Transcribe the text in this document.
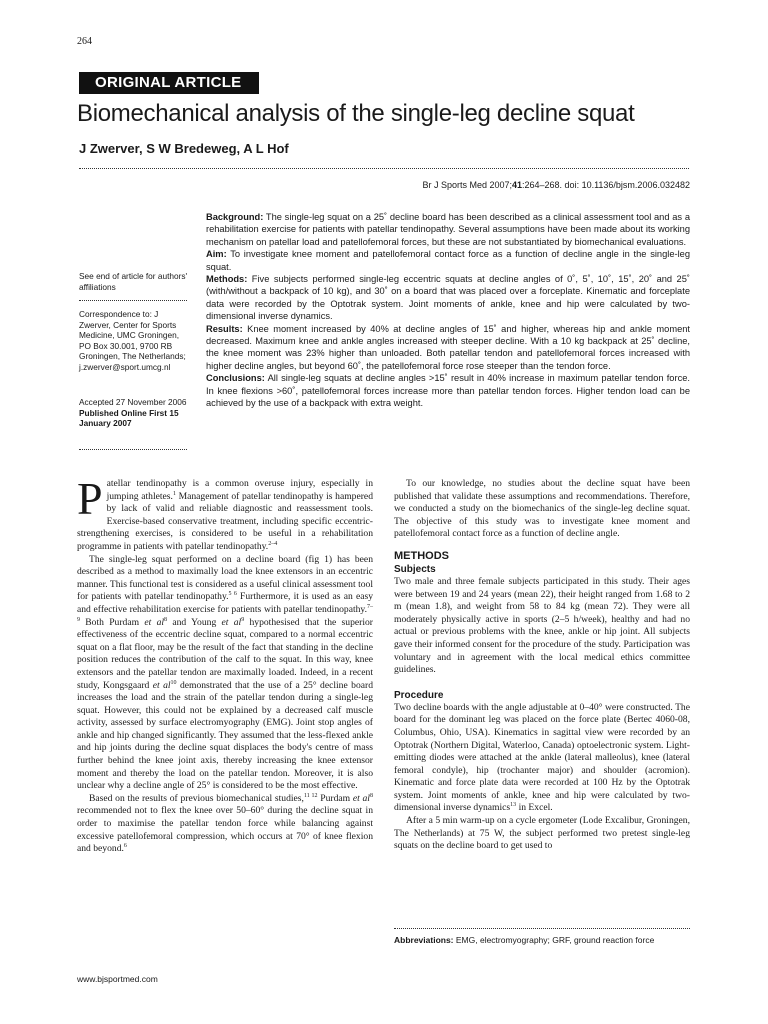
264
ORIGINAL ARTICLE
Biomechanical analysis of the single-leg decline squat
J Zwerver, S W Bredeweg, A L Hof
Br J Sports Med 2007;41:264–268. doi: 10.1136/bjsm.2006.032482
See end of article for authors' affiliations
Correspondence to: J Zwerver, Center for Sports Medicine, UMC Groningen, PO Box 30.001, 9700 RB Groningen, The Netherlands; j.zwerver@sport.umcg.nl
Accepted 27 November 2006
Published Online First 15 January 2007

Background: The single-leg squat on a 25˚ decline board has been described as a clinical assessment tool and as a rehabilitation exercise for patients with patellar tendinopathy. Several assumptions have been made about its working mechanism on patellar load and patellofemoral forces, but these are not substantiated by biomechanical evaluations.

Aim: To investigate knee moment and patellofemoral contact force as a function of decline angle in the single-leg squat.

Methods: Five subjects performed single-leg eccentric squats at decline angles of 0˚, 5˚, 10˚, 15˚, 20˚ and 25˚ (with/without a backpack of 10 kg), and 30˚ on a board that was placed over a forceplate. Kinematic and forceplate data were recorded by the Optotrak system. Joint moments of ankle, knee and hip were calculated by two-dimensional inverse dynamics.

Results: Knee moment increased by 40% at decline angles of 15˚ and higher, whereas hip and ankle moment decreased. Maximum knee and ankle angles increased with steeper decline. With a 10 kg backpack at 25˚ decline, the knee moment was 23% higher than unloaded. Both patellar tendon and patellofemoral forces increased with higher decline angles, but beyond 60˚, the patellofemoral force rose steeper than the tendon force.

Conclusions: All single-leg squats at decline angles >15˚ result in 40% increase in maximum patellar tendon force. In knee flexions >60˚, patellofemoral forces increase more than patellar tendon forces. Higher tendon load can be achieved by the use of a backpack with extra weight.

Patellar tendinopathy is a common overuse injury, especially in jumping athletes.$^1$ Management of patellar tendinopathy is hampered by lack of valid and reliable diagnostic and reassessment tools. Exercise-based conservative treatment, including specific eccentric-strengthening exercises, is considered to be useful in a rehabilitation programme in patients with patellar tendinopathy.$^{2-4}$

The single-leg squat performed on a decline board (fig 1) has been described as a method to maximally load the knee extensors in an eccentric manner. This functional test is considered as a useful clinical assessment tool for patients with patellar tendinopathy.$^{5 6}$ Furthermore, it is used as an easy and effective rehabilitation exercise for patients with patellar tendinopathy.$^{7-9}$ Both Purdam et $al^8$ and Young et $al^9$ hypothesised that the superior effectiveness of the eccentric decline squat, compared to a normal eccentric squat on a flat floor, may be the result of the fact that standing in the decline position reduces the contribution of the calf to the squat. In this way, knee extensors and the patellar tendon are maximally loaded. Indeed, in a recent study, Kongsgaard et $al^{10}$ demonstrated that the use of a 25° decline board increases the load and the strain of the patellar tendon during a single-leg squat. However, this could not be explained by a decreased calf muscle activity, assessed by surface electromyography (EMG). Joint stop angles of ankle and hip changed significantly. They assumed that the less-flexed ankle and hip joints during the decline squat displaces the body's centre of mass further behind the knee joint axis, thereby increasing the knee extensor moment and thereby the load on the patellar tendon. Moreover, it is also unclear why a decline angle of 25° is considered to be the most effective.

Based on the results of previous biomechanical studies,$^{11 12}$ Purdam et $al^8$ recommended not to flex the knee over 50–60° during the decline squat in order to maximise the patellar tendon force while balancing against excessive patellofemoral compression, which occurs at 70° of knee flexion and beyond.$^6$

To our knowledge, no studies about the decline squat have been published that validate these assumptions and recommendations. Therefore, we conducted a study on the biomechanics of the single-leg decline squat. The objective of this study was to investigate knee moment and patellofemoral contact force as a function of decline angle.

METHODS
Subjects

Two male and three female subjects participated in this study. Their ages were between 19 and 24 years (mean 22), their height ranged from 1.68 to 2 m (mean 1.8), and weight from 58 to 84 kg (mean 72). They were all moderately physically active in sports (2–5 h/week), healthy and had no actual or previous problems with the knee, ankle or hip joint. All subjects gave their informed consent for the procedure of the study. Participation was voluntary and in agreement with the local medical ethics committee guidelines.

Procedure

Two decline boards with the angle adjustable at 0–40° were constructed. The board for the dominant leg was placed on the force plate (Bertec 4060-08, Columbus, Ohio, USA). Kinematics in sagittal view were recorded by an Optotrak (Northern Digital, Waterloo, Canada) optoelectronic system. Light-emitting diodes were attached at the ankle (lateral malleolus), knee (lateral femoral condyle), hip (trochanter major) and shoulder (acromion). Kinematic and force plate data were recorded at 100 Hz by the Optotrak system. Joint moments of ankle, knee and hip were calculated by two-dimensional inverse dynamics$^{13}$ in Excel.

After a 5 min warm-up on a cycle ergometer (Lode Excalibur, Groningen, The Netherlands) at 75 W, the subject performed two pretest single-leg squats on the decline board to get used to

Abbreviations: EMG, electromyography; GRF, ground reaction force
www.bjsportmed.com
